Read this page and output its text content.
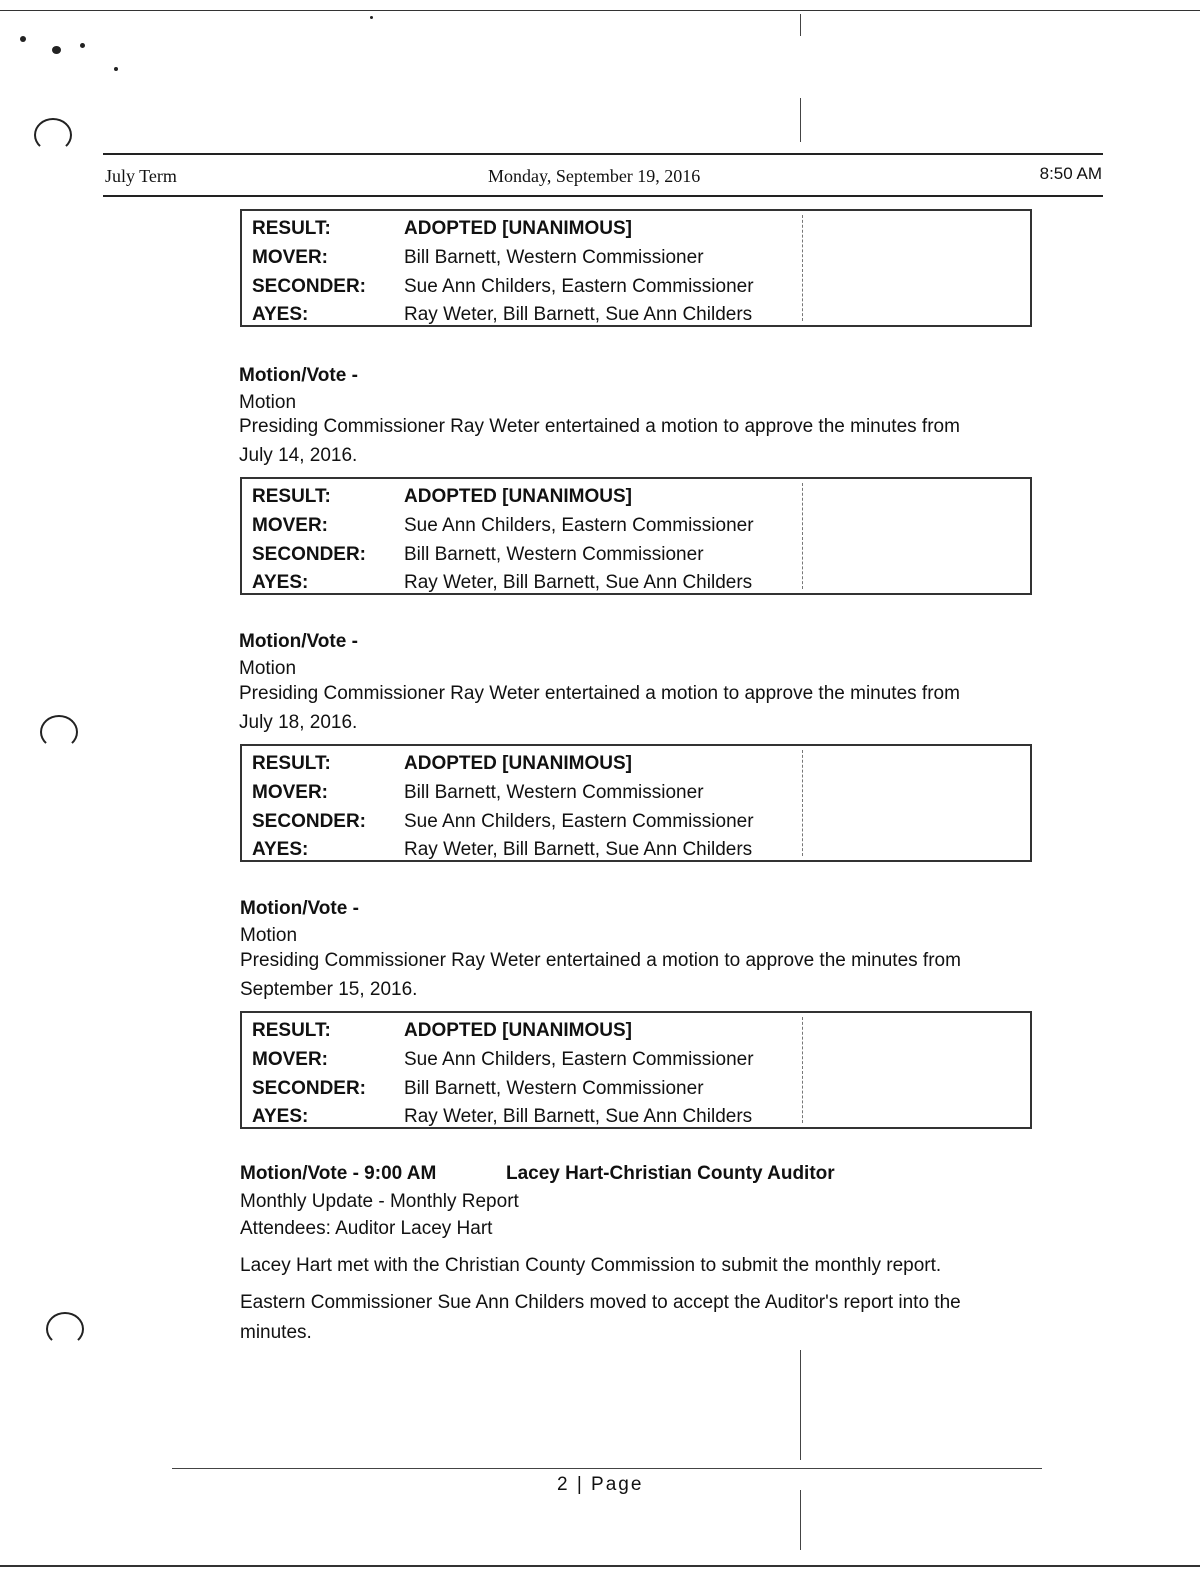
July Term	Monday, September 19, 2016	8:50 AM
RESULT:	ADOPTED [UNANIMOUS]
MOVER:	Bill Barnett, Western Commissioner
SECONDER:	Sue Ann Childers, Eastern Commissioner
AYES:	Ray Weter, Bill Barnett, Sue Ann Childers
Motion/Vote -
Motion
Presiding Commissioner Ray Weter entertained a motion to approve the minutes from
July 14, 2016.
RESULT:	ADOPTED [UNANIMOUS]
MOVER:	Sue Ann Childers, Eastern Commissioner
SECONDER:	Bill Barnett, Western Commissioner
AYES:	Ray Weter, Bill Barnett, Sue Ann Childers
Motion/Vote -
Motion
Presiding Commissioner Ray Weter entertained a motion to approve the minutes from
July 18, 2016.
RESULT:	ADOPTED [UNANIMOUS]
MOVER:	Bill Barnett, Western Commissioner
SECONDER:	Sue Ann Childers, Eastern Commissioner
AYES:	Ray Weter, Bill Barnett, Sue Ann Childers
Motion/Vote -
Motion
Presiding Commissioner Ray Weter entertained a motion to approve the minutes from
September 15, 2016.
RESULT:	ADOPTED [UNANIMOUS]
MOVER:	Sue Ann Childers, Eastern Commissioner
SECONDER:	Bill Barnett, Western Commissioner
AYES:	Ray Weter, Bill Barnett, Sue Ann Childers
Motion/Vote - 9:00 AM	Lacey Hart-Christian County Auditor
Monthly Update - Monthly Report
Attendees: Auditor Lacey Hart
Lacey Hart met with the Christian County Commission to submit the monthly report.
Eastern Commissioner Sue Ann Childers moved to accept the Auditor's report into the
minutes.
2 | Page
